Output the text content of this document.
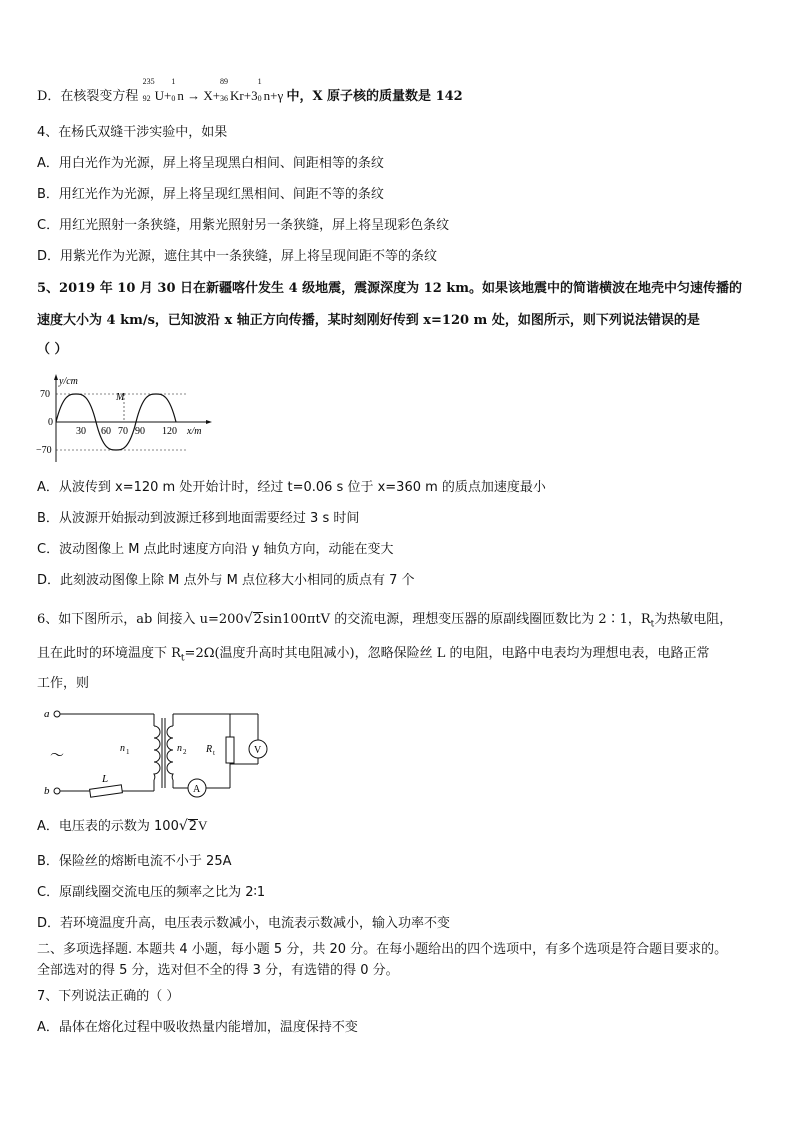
D．在核裂变方程
235
92 U+
1
0 n → X+
89
36 Kr+3
1
0 n+γ 中，X 原子核的质量数是 142
4、在杨氏双缝干涉实验中，如果
A．用白光作为光源，屏上将呈现黑白相间、间距相等的条纹
B．用红光作为光源，屏上将呈现红黑相间、间距不等的条纹
C．用红光照射一条狭缝，用紫光照射另一条狭缝，屏上将呈现彩色条纹
D．用紫光作为光源，遮住其中一条狭缝，屏上将呈现间距不等的条纹
5、2019 年 10 月 30 日在新疆喀什发生 4 级地震，震源深度为 12 km。如果该地震中的简谐横波在地壳中匀速传播的
速度大小为 4 km/s，已知波沿 x 轴正方向传播，某时刻刚好传到 x=120 m 处，如图所示，则下列说法错误的是
（ ）
y/cm
70
0
−70
30 60 70 90 120 x/m
M
A．从波传到 x=120 m 处开始计时，经过 t=0.06 s 位于 x=360 m 的质点加速度最小
B．从波源开始振动到波源迁移到地面需要经过 3 s 时间
C．波动图像上 M 点此时速度方向沿 y 轴负方向，动能在变大
D．此刻波动图像上除 M 点外与 M 点位移大小相同的质点有 7 个
6、如下图所示，ab 间接入 u=200√2sin100πtV 的交流电源，理想变压器的原副线圈匝数比为 2∶1，$R_t$为热敏电阻，
且在此时的环境温度下 $R_t=2\Omega$(温度升高时其电阻减小)，忽略保险丝 L 的电阻，电路中电表均为理想电表，电路正常
工作，则
a
b
～
L
n 1	n 2
A
R t	V
A．电压表的示数为 100√2V
B．保险丝的熔断电流不小于 25A
C．原副线圈交流电压的频率之比为 2∶1
D．若环境温度升高，电压表示数减小，电流表示数减小，输入功率不变
二、多项选择题. 本题共 4 小题，每小题 5 分，共 20 分。在每小题给出的四个选项中，有多个选项是符合题目要求的。
全部选对的得 5 分，选对但不全的得 3 分，有选错的得 0 分。
7、下列说法正确的（ ）
A．晶体在熔化过程中吸收热量内能增加，温度保持不变
